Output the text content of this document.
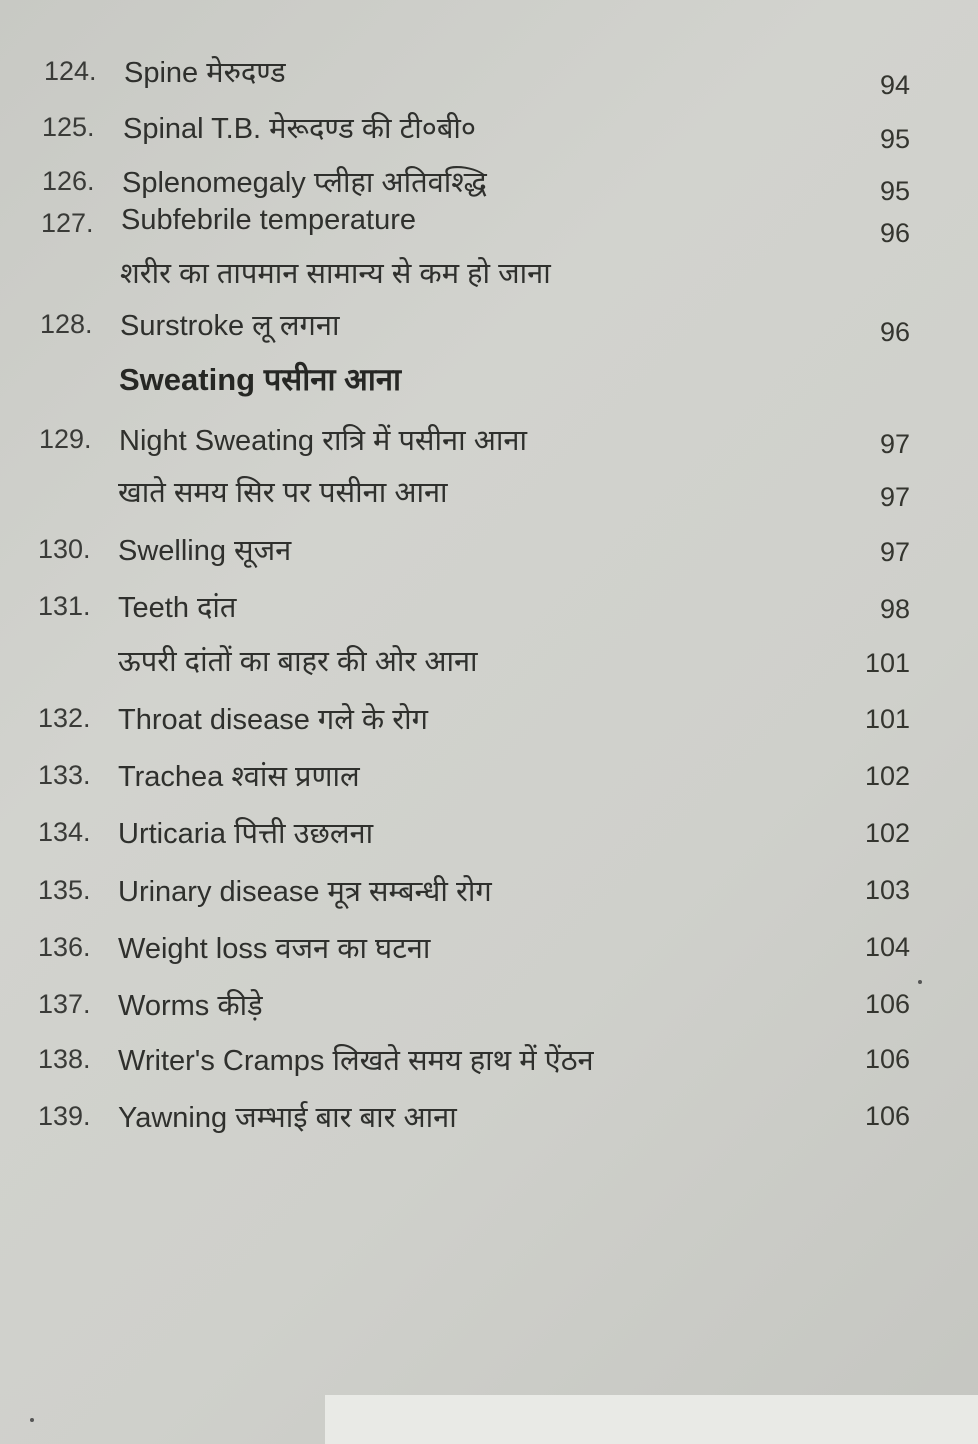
124. Spine मेरुदण्ड	94
125. Spinal T.B. मेरूदण्ड की टी०बी०	95
126. Splenomegaly प्लीहा अतिवश्द्धि	95
127. Subfebrile temperature	96
शरीर का तापमान सामान्य से कम हो जाना
128. Surstroke लू लगना	96
Sweating पसीना आना
129. Night Sweating रात्रि में पसीना आना	97
खाते समय सिर पर पसीना आना	97
130. Swelling सूजन	97
131. Teeth दांत	98
ऊपरी दांतों का बाहर की ओर आना	101
132. Throat disease गले के रोग	101
133. Trachea श्वांस प्रणाल	102
134. Urticaria पित्ती उछलना	102
135. Urinary disease मूत्र सम्बन्धी रोग	103
136. Weight loss वजन का घटना	104
137. Worms कीड़े	106
138. Writer's Cramps लिखते समय हाथ में ऐंठन	106
139. Yawning जम्भाई बार बार आना	106
